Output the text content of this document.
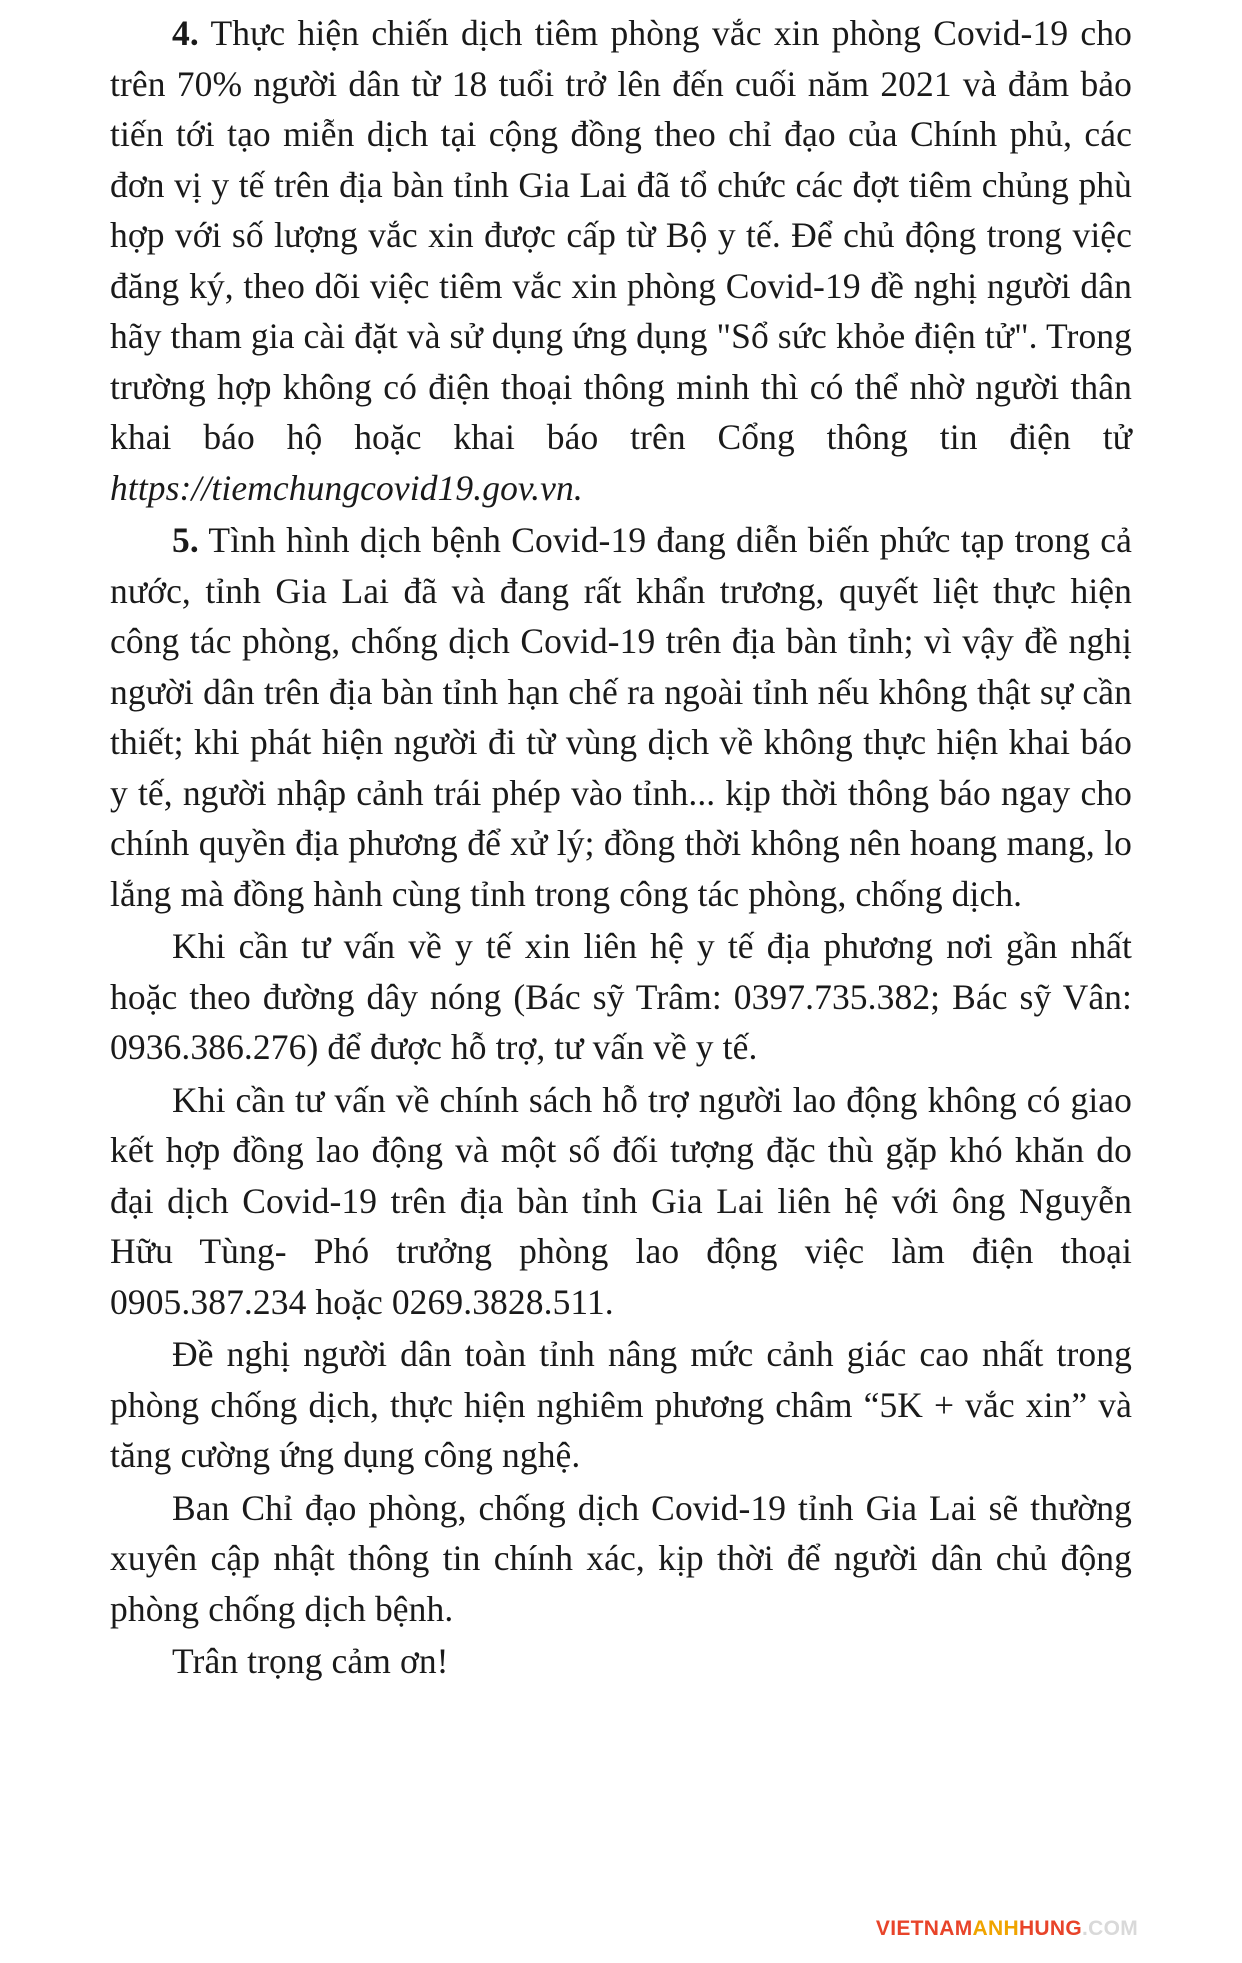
4. Thực hiện chiến dịch tiêm phòng vắc xin phòng Covid-19 cho trên 70% người dân từ 18 tuổi trở lên đến cuối năm 2021 và đảm bảo tiến tới tạo miễn dịch tại cộng đồng theo chỉ đạo của Chính phủ, các đơn vị y tế trên địa bàn tỉnh Gia Lai đã tổ chức các đợt tiêm chủng phù hợp với số lượng vắc xin được cấp từ Bộ y tế. Để chủ động trong việc đăng ký, theo dõi việc tiêm vắc xin phòng Covid-19 đề nghị người dân hãy tham gia cài đặt và sử dụng ứng dụng "Sổ sức khỏe điện tử". Trong trường hợp không có điện thoại thông minh thì có thể nhờ người thân khai báo hộ hoặc khai báo trên Cổng thông tin điện tử https://tiemchungcovid19.gov.vn.

5. Tình hình dịch bệnh Covid-19 đang diễn biến phức tạp trong cả nước, tỉnh Gia Lai đã và đang rất khẩn trương, quyết liệt thực hiện công tác phòng, chống dịch Covid-19 trên địa bàn tỉnh; vì vậy đề nghị người dân trên địa bàn tỉnh hạn chế ra ngoài tỉnh nếu không thật sự cần thiết; khi phát hiện người đi từ vùng dịch về không thực hiện khai báo y tế, người nhập cảnh trái phép vào tỉnh... kịp thời thông báo ngay cho chính quyền địa phương để xử lý; đồng thời không nên hoang mang, lo lắng mà đồng hành cùng tỉnh trong công tác phòng, chống dịch.

Khi cần tư vấn về y tế xin liên hệ y tế địa phương nơi gần nhất hoặc theo đường dây nóng (Bác sỹ Trâm: 0397.735.382; Bác sỹ Vân: 0936.386.276) để được hỗ trợ, tư vấn về y tế.

Khi cần tư vấn về chính sách hỗ trợ người lao động không có giao kết hợp đồng lao động và một số đối tượng đặc thù gặp khó khăn do đại dịch Covid-19 trên địa bàn tỉnh Gia Lai liên hệ với ông Nguyễn Hữu Tùng- Phó trưởng phòng lao động việc làm điện thoại 0905.387.234 hoặc 0269.3828.511.

Đề nghị người dân toàn tỉnh nâng mức cảnh giác cao nhất trong phòng chống dịch, thực hiện nghiêm phương châm “5K + vắc xin” và tăng cường ứng dụng công nghệ.

Ban Chỉ đạo phòng, chống dịch Covid-19 tỉnh Gia Lai sẽ thường xuyên cập nhật thông tin chính xác, kịp thời để người dân chủ động phòng chống dịch bệnh.

Trân trọng cảm ơn!

VIETNAMANHHUNG.COM
